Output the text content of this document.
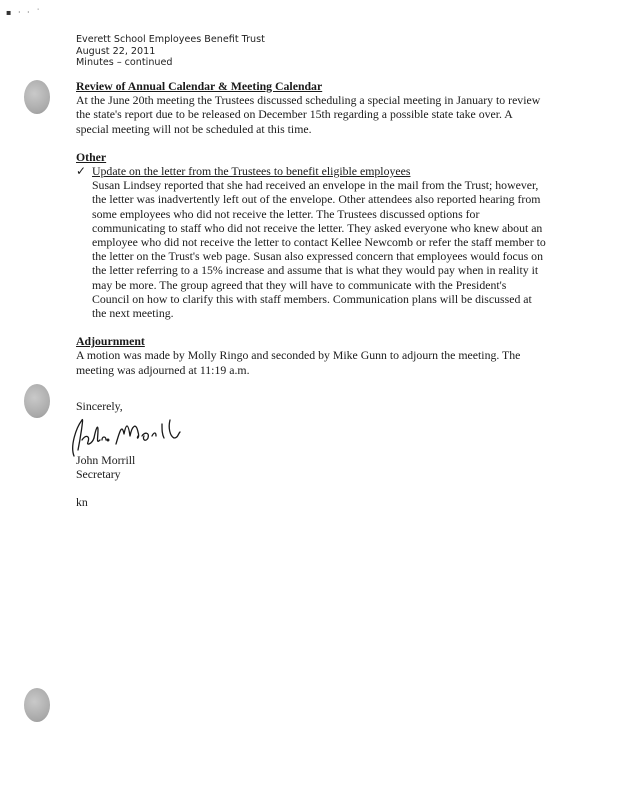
▪ · · ˙
Everett School Employees Benefit Trust
August 22, 2011
Minutes – continued
Review of Annual Calendar & Meeting Calendar
At the June 20th meeting the Trustees discussed scheduling a special meeting in January to review the state's report due to be released on December 15th regarding a possible state take over. A special meeting will not be scheduled at this time.
Other
✓ Update on the letter from the Trustees to benefit eligible employees
Susan Lindsey reported that she had received an envelope in the mail from the Trust; however, the letter was inadvertently left out of the envelope. Other attendees also reported hearing from some employees who did not receive the letter. The Trustees discussed options for communicating to staff who did not receive the letter. They asked everyone who knew about an employee who did not receive the letter to contact Kellee Newcomb or refer the staff member to the letter on the Trust's web page. Susan also expressed concern that employees would focus on the letter referring to a 15% increase and assume that is what they would pay when in reality it may be more. The group agreed that they will have to communicate with the President's Council on how to clarify this with staff members. Communication plans will be discussed at the next meeting.
Adjournment
A motion was made by Molly Ringo and seconded by Mike Gunn to adjourn the meeting. The meeting was adjourned at 11:19 a.m.
Sincerely,
John Morrill
Secretary
kn
